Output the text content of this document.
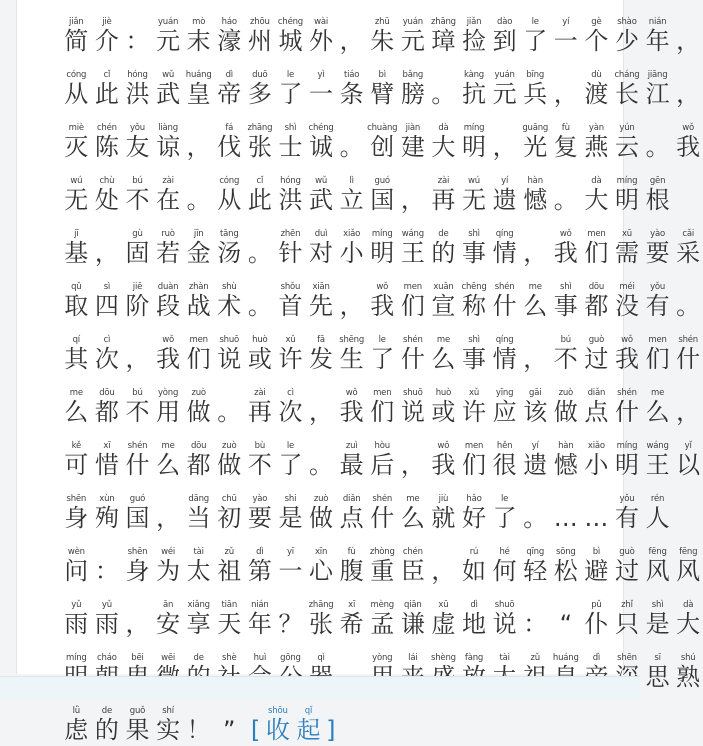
jiǎn
简
jiè
介 ：
yuán
元
mò
末
háo
濠
zhōu
州
chéng
城
wài
外 ，
zhū
朱
yuán
元
zhāng
璋
jiǎn
捡
dào
到
le
了
yí
一
gè
个
shào
少
nián
年 ，
cóng
从
cǐ
此
hóng
洪
wǔ
武
huáng
皇
dì
帝
duō
多
le
了
yì
一
tiáo
条
bì
臂
bǎng
膀 。
kàng
抗
yuán
元
bīng
兵 ，
dù
渡
cháng
长
jiāng
江 ，
miè
灭
chén
陈
yǒu
友
liàng
谅 ，
fá
伐
zhāng
张
shì
士
chéng
诚 。
chuàng
创
jiàn
建
dà
大
míng
明 ，
guāng
光
fù
复
yàn
燕
yún
云 。
wǒ
我
wú
无
chù
处
bú
不
zài
在 。
cóng
从
cǐ
此
hóng
洪
wǔ
武
lì
立
guó
国 ，
zài
再
wú
无
yí
遗
hàn
憾 。
dà
大
míng
明
gēn
根
jī
基 ，
gù
固
ruò
若
jīn
金
tāng
汤 。
zhēn
针
duì
对
xiǎo
小
míng
明
wáng
王
de
的
shì
事
qíng
情 ，
wǒ
我
men
们
xū
需
yào
要
cǎi
采
qǔ
取
sì
四
jiē
阶
duàn
段
zhàn
战
shù
术 。
shǒu
首
xiān
先 ，
wǒ
我
men
们
xuān
宣
chēng
称
shén
什
me
么
shì
事
dōu
都
méi
没
yǒu
有 。
qí
其
cì
次 ，
wǒ
我
men
们
shuō
说
huò
或
xǔ
许
fā
发
shēng
生
le
了
shén
什
me
么
shì
事
qíng
情 ，
bú
不
guò
过
wǒ
我
men
们
shén
什
me
么
dōu
都
bú
不
yòng
用
zuò
做 。
zài
再
cì
次 ，
wǒ
我
men
们
shuō
说
huò
或
xǔ
许
yīng
应
gāi
该
zuò
做
diǎn
点
shén
什
me
么 ，
kě
可
xī
惜
shén
什
me
么
dōu
都
zuò
做
bù
不
le
了 。
zuì
最
hòu
后 ，
wǒ
我
men
们
hěn
很
yí
遗
hàn
憾
xiǎo
小
míng
明
wáng
王
yǐ
以
shēn
身
xùn
殉
guó
国 ，
dāng
当
chū
初
yào
要
shi
是
zuò
做
diǎn
点
shén
什
me
么
jiù
就
hǎo
好
le
了 。 … …
yǒu
有
rén
人
wèn
问 ：
shēn
身
wéi
为
tài
太
zǔ
祖
dì
第
yī
一
xīn
心
fù
腹
zhòng
重
chén
臣 ，
rú
如
hé
何
qīng
轻
sōng
松
bì
避
guò
过
fēng
风
fēng
风
yǔ
雨
yǔ
雨 ，
ān
安
xiǎng
享
tiān
天
nián
年 ？
zhāng
张
xī
希
mèng
孟
qiān
谦
xū
虚
dì
地
shuō
说 ： “
pǔ
仆
zhǐ
只
shì
是
dà
大
míng cháo bēi wēi de shè huì gōng qì	yòng lái shèng fàng tài zǔ huáng dì shēn sī
思
shú
熟
lǜ
虑
de
的
guǒ
果
shí
实 ！ ” [
shōu
收
qǐ
起 ]
